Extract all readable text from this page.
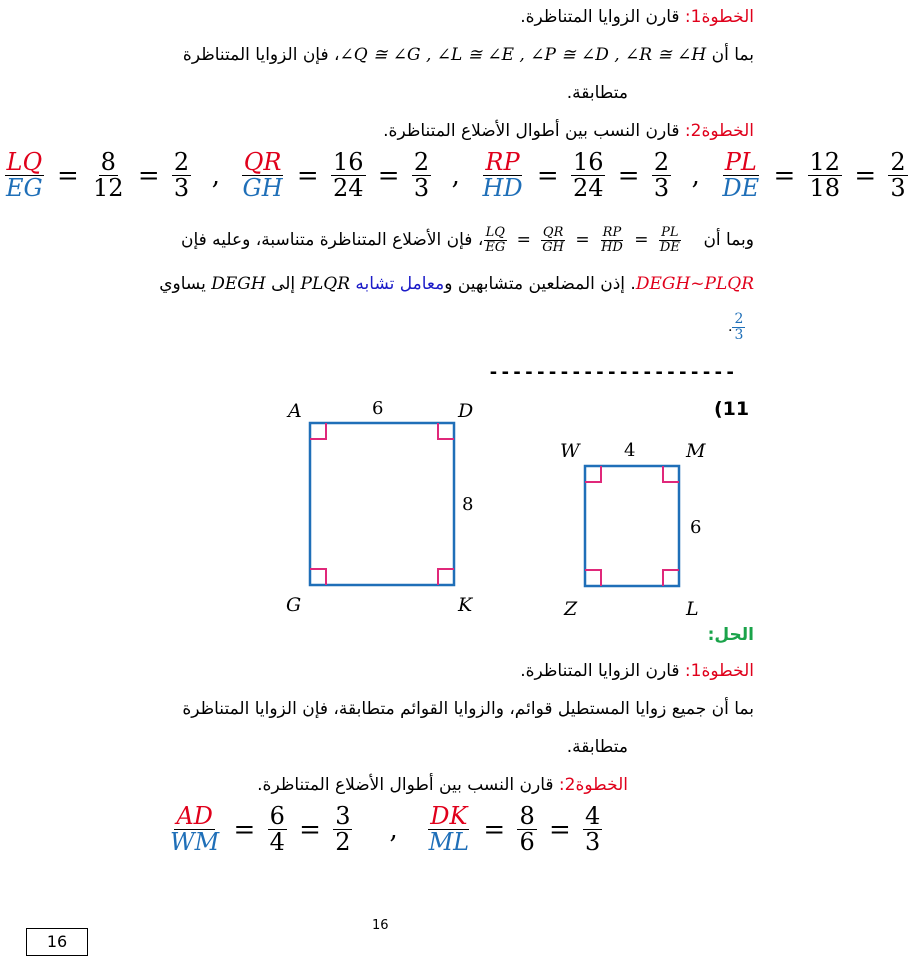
الخطوة1: قارن الزوايا المتناظرة.
بما أن ∠Q ≅ ∠G , ∠L ≅ ∠E , ∠P ≅ ∠D , ∠R ≅ ∠H، فإن الزوايا المتناظرة
متطابقة.
الخطوة2: قارن النسب بين أطوال الأضلاع المتناظرة.
$\frac{LQ}{EG} = \frac{8}{12} = \frac{2}{3}$ , $\frac{QR}{GH} = \frac{16}{24} = \frac{2}{3}$ , $\frac{RP}{HD} = \frac{16}{24} = \frac{2}{3}$ , $\frac{PL}{DE} = \frac{12}{18} = \frac{2}{3}$
وبما أن
$\frac{LQ}{EG} = \frac{QR}{GH} = \frac{RP}{HD} = \frac{PL}{DE}$
، فإن الأضلاع المتناظرة متناسبة، وعليه فإن
DEGH~PLQR. إذن المضلعين متشابهين ومعامل تشابه PLQR إلى DEGH يساوي
. $\frac{2}{3}$
---------------------
(11
A	D
6
8
G	K
W 4	M
6
Z	L
الحل:
الخطوة1: قارن الزوايا المتناظرة.
بما أن جميع زوايا المستطيل قوائم، والزوايا القوائم متطابقة، فإن الزوايا المتناظرة
متطابقة.
الخطوة2: قارن النسب بين أطوال الأضلاع المتناظرة.
$\frac{AD}{WM} = \frac{6}{4} = \frac{3}{2}$ , $\frac{DK}{ML} = \frac{8}{6} = \frac{4}{3}$
16
16
